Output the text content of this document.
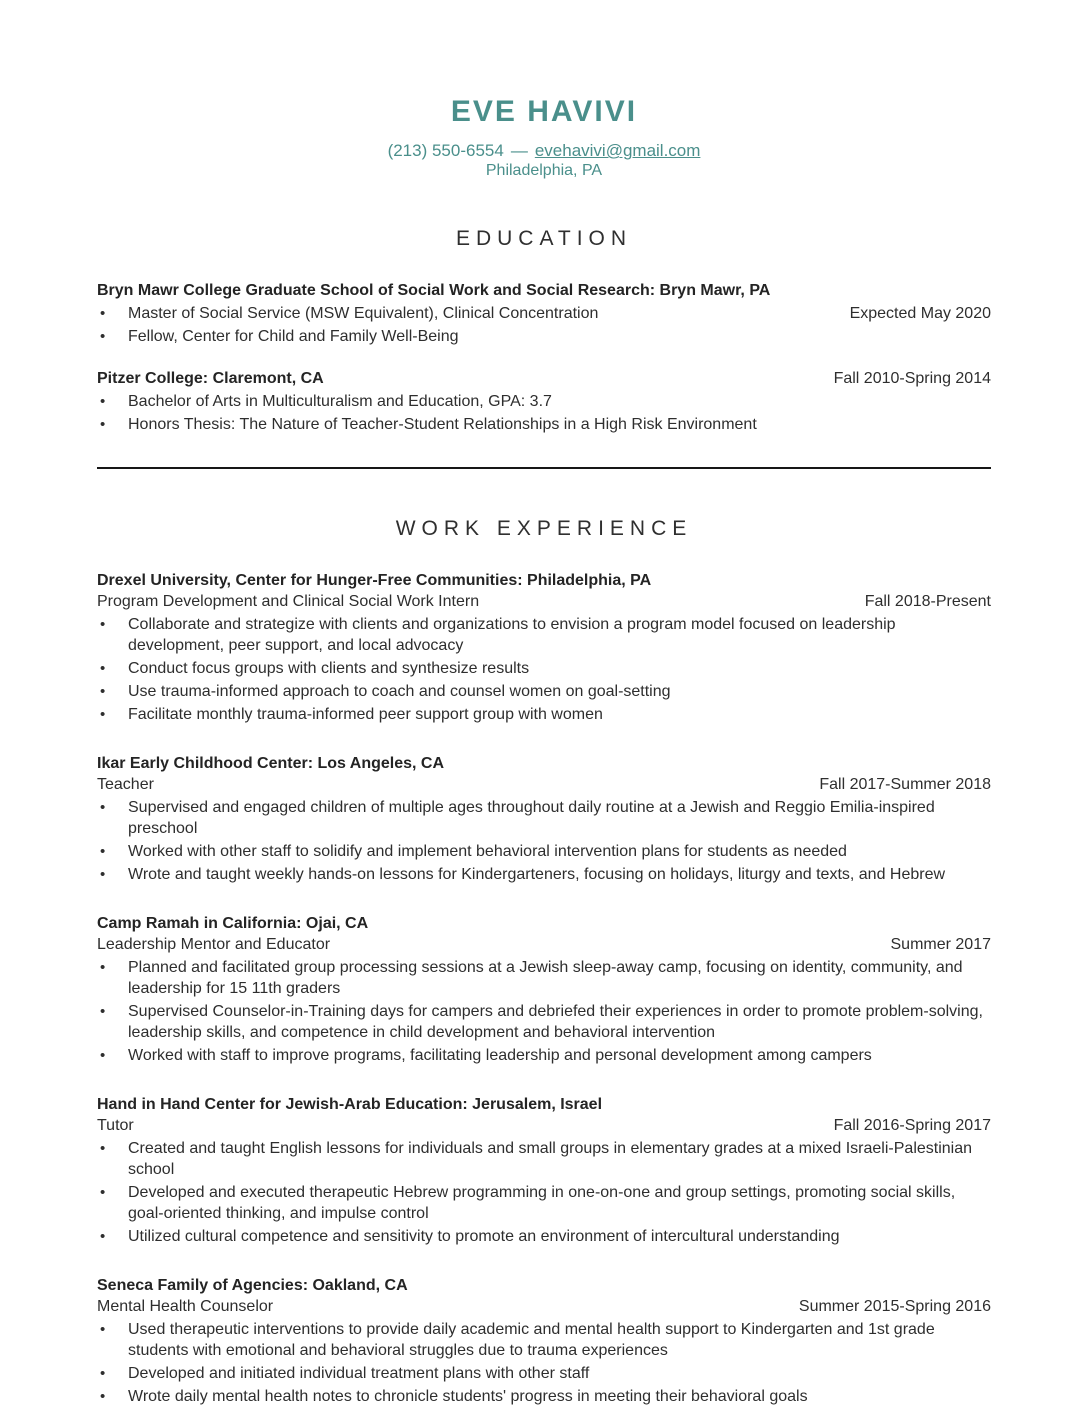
EVE HAVIVI
(213) 550-6554 — evehavivi@gmail.com
Philadelphia, PA
EDUCATION
Bryn Mawr College Graduate School of Social Work and Social Research: Bryn Mawr, PA
• Master of Social Service (MSW Equivalent), Clinical Concentration	Expected May 2020
• Fellow, Center for Child and Family Well-Being
Pitzer College: Claremont, CA	Fall 2010-Spring 2014
• Bachelor of Arts in Multiculturalism and Education, GPA: 3.7
• Honors Thesis: The Nature of Teacher-Student Relationships in a High Risk Environment
WORK EXPERIENCE
Drexel University, Center for Hunger-Free Communities: Philadelphia, PA
Program Development and Clinical Social Work Intern	Fall 2018-Present
• Collaborate and strategize with clients and organizations to envision a program model focused on leadership development, peer support, and local advocacy
• Conduct focus groups with clients and synthesize results
• Use trauma-informed approach to coach and counsel women on goal-setting
• Facilitate monthly trauma-informed peer support group with women
Ikar Early Childhood Center: Los Angeles, CA
Teacher	Fall 2017-Summer 2018
• Supervised and engaged children of multiple ages throughout daily routine at a Jewish and Reggio Emilia-inspired preschool
• Worked with other staff to solidify and implement behavioral intervention plans for students as needed
• Wrote and taught weekly hands-on lessons for Kindergarteners, focusing on holidays, liturgy and texts, and Hebrew
Camp Ramah in California: Ojai, CA
Leadership Mentor and Educator	Summer 2017
• Planned and facilitated group processing sessions at a Jewish sleep-away camp, focusing on identity, community, and leadership for 15 11th graders
• Supervised Counselor-in-Training days for campers and debriefed their experiences in order to promote problem-solving, leadership skills, and competence in child development and behavioral intervention
• Worked with staff to improve programs, facilitating leadership and personal development among campers
Hand in Hand Center for Jewish-Arab Education: Jerusalem, Israel
Tutor	Fall 2016-Spring 2017
• Created and taught English lessons for individuals and small groups in elementary grades at a mixed Israeli-Palestinian school
• Developed and executed therapeutic Hebrew programming in one-on-one and group settings, promoting social skills, goal-oriented thinking, and impulse control
• Utilized cultural competence and sensitivity to promote an environment of intercultural understanding
Seneca Family of Agencies: Oakland, CA
Mental Health Counselor	Summer 2015-Spring 2016
• Used therapeutic interventions to provide daily academic and mental health support to Kindergarten and 1st grade students with emotional and behavioral struggles due to trauma experiences
• Developed and initiated individual treatment plans with other staff
• Wrote daily mental health notes to chronicle students' progress in meeting their behavioral goals
